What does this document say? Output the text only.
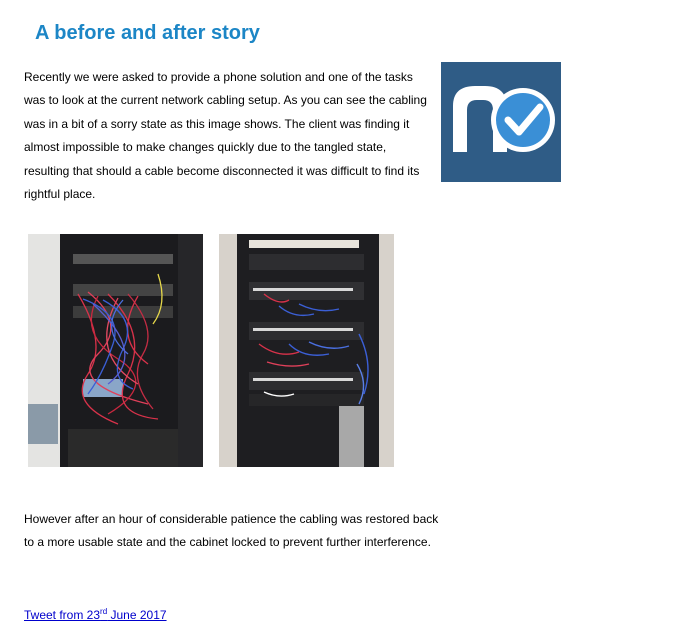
A before and after story

Recently we were asked to provide a phone solution and one of the tasks was to look at the current network cabling setup. As you can see the cabling was in a bit of a sorry state as this image shows. The client was finding it almost impossible to make changes quickly due to the tangled state, resulting that should a cable become disconnected it was difficult to find its rightful place.

However after an hour of considerable patience the cabling was restored back to a more usable state and the cabinet locked to prevent further interference.

Tweet from 23rd June 2017
